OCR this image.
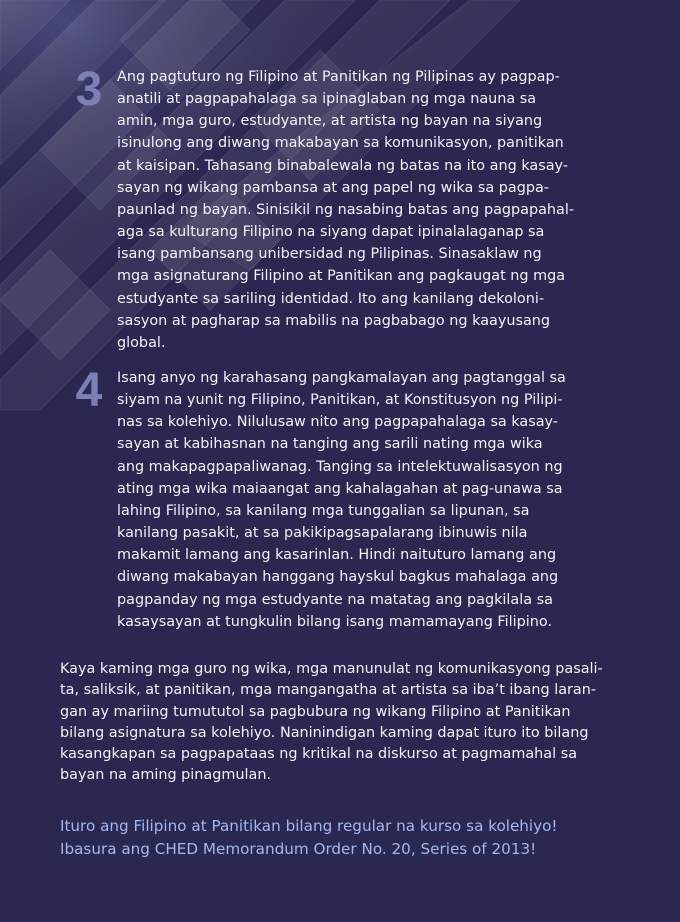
3	Ang pagtuturo ng Filipino at Panitikan ng Pilipinas ay pagpap-
anatili at pagpapahalaga sa ipinaglaban ng mga nauna sa
amin, mga guro, estudyante, at artista ng bayan na siyang
isinulong ang diwang makabayan sa komunikasyon, panitikan
at kaisipan. Tahasang binabalewala ng batas na ito ang kasay-
sayan ng wikang pambansa at ang papel ng wika sa pagpa-
paunlad ng bayan. Sinisikil ng nasabing batas ang pagpapahal-
aga sa kulturang Filipino na siyang dapat ipinalalaganap sa
isang pambansang unibersidad ng Pilipinas. Sinasaklaw ng
mga asignaturang Filipino at Panitikan ang pagkaugat ng mga
estudyante sa sariling identidad. Ito ang kanilang dekoloni-
sasyon at pagharap sa mabilis na pagbabago ng kaayusang
global.

4	Isang anyo ng karahasang pangkamalayan ang pagtanggal sa
siyam na yunit ng Filipino, Panitikan, at Konstitusyon ng Pilipi-
nas sa kolehiyo. Nilulusaw nito ang pagpapahalaga sa kasay-
sayan at kabihasnan na tanging ang sarili nating mga wika
ang makapagpapaliwanag. Tanging sa intelektuwalisasyon ng
ating mga wika maiaangat ang kahalagahan at pag-unawa sa
lahing Filipino, sa kanilang mga tunggalian sa lipunan, sa
kanilang pasakit, at sa pakikipagsapalarang ibinuwis nila
makamit lamang ang kasarinlan. Hindi naituturo lamang ang
diwang makabayan hanggang hayskul bagkus mahalaga ang
pagpanday ng mga estudyante na matatag ang pagkilala sa
kasaysayan at tungkulin bilang isang mamamayang Filipino.

Kaya kaming mga guro ng wika, mga manunulat ng komunikasyong pasali-
ta, saliksik, at panitikan, mga mangangatha at artista sa iba’t ibang laran-
gan ay mariing tumututol sa pagbubura ng wikang Filipino at Panitikan
bilang asignatura sa kolehiyo. Naninindigan kaming dapat ituro ito bilang
kasangkapan sa pagpapataas ng kritikal na diskurso at pagmamahal sa
bayan na aming pinagmulan.

Ituro ang Filipino at Panitikan bilang regular na kurso sa kolehiyo!
Ibasura ang CHED Memorandum Order No. 20, Series of 2013!
